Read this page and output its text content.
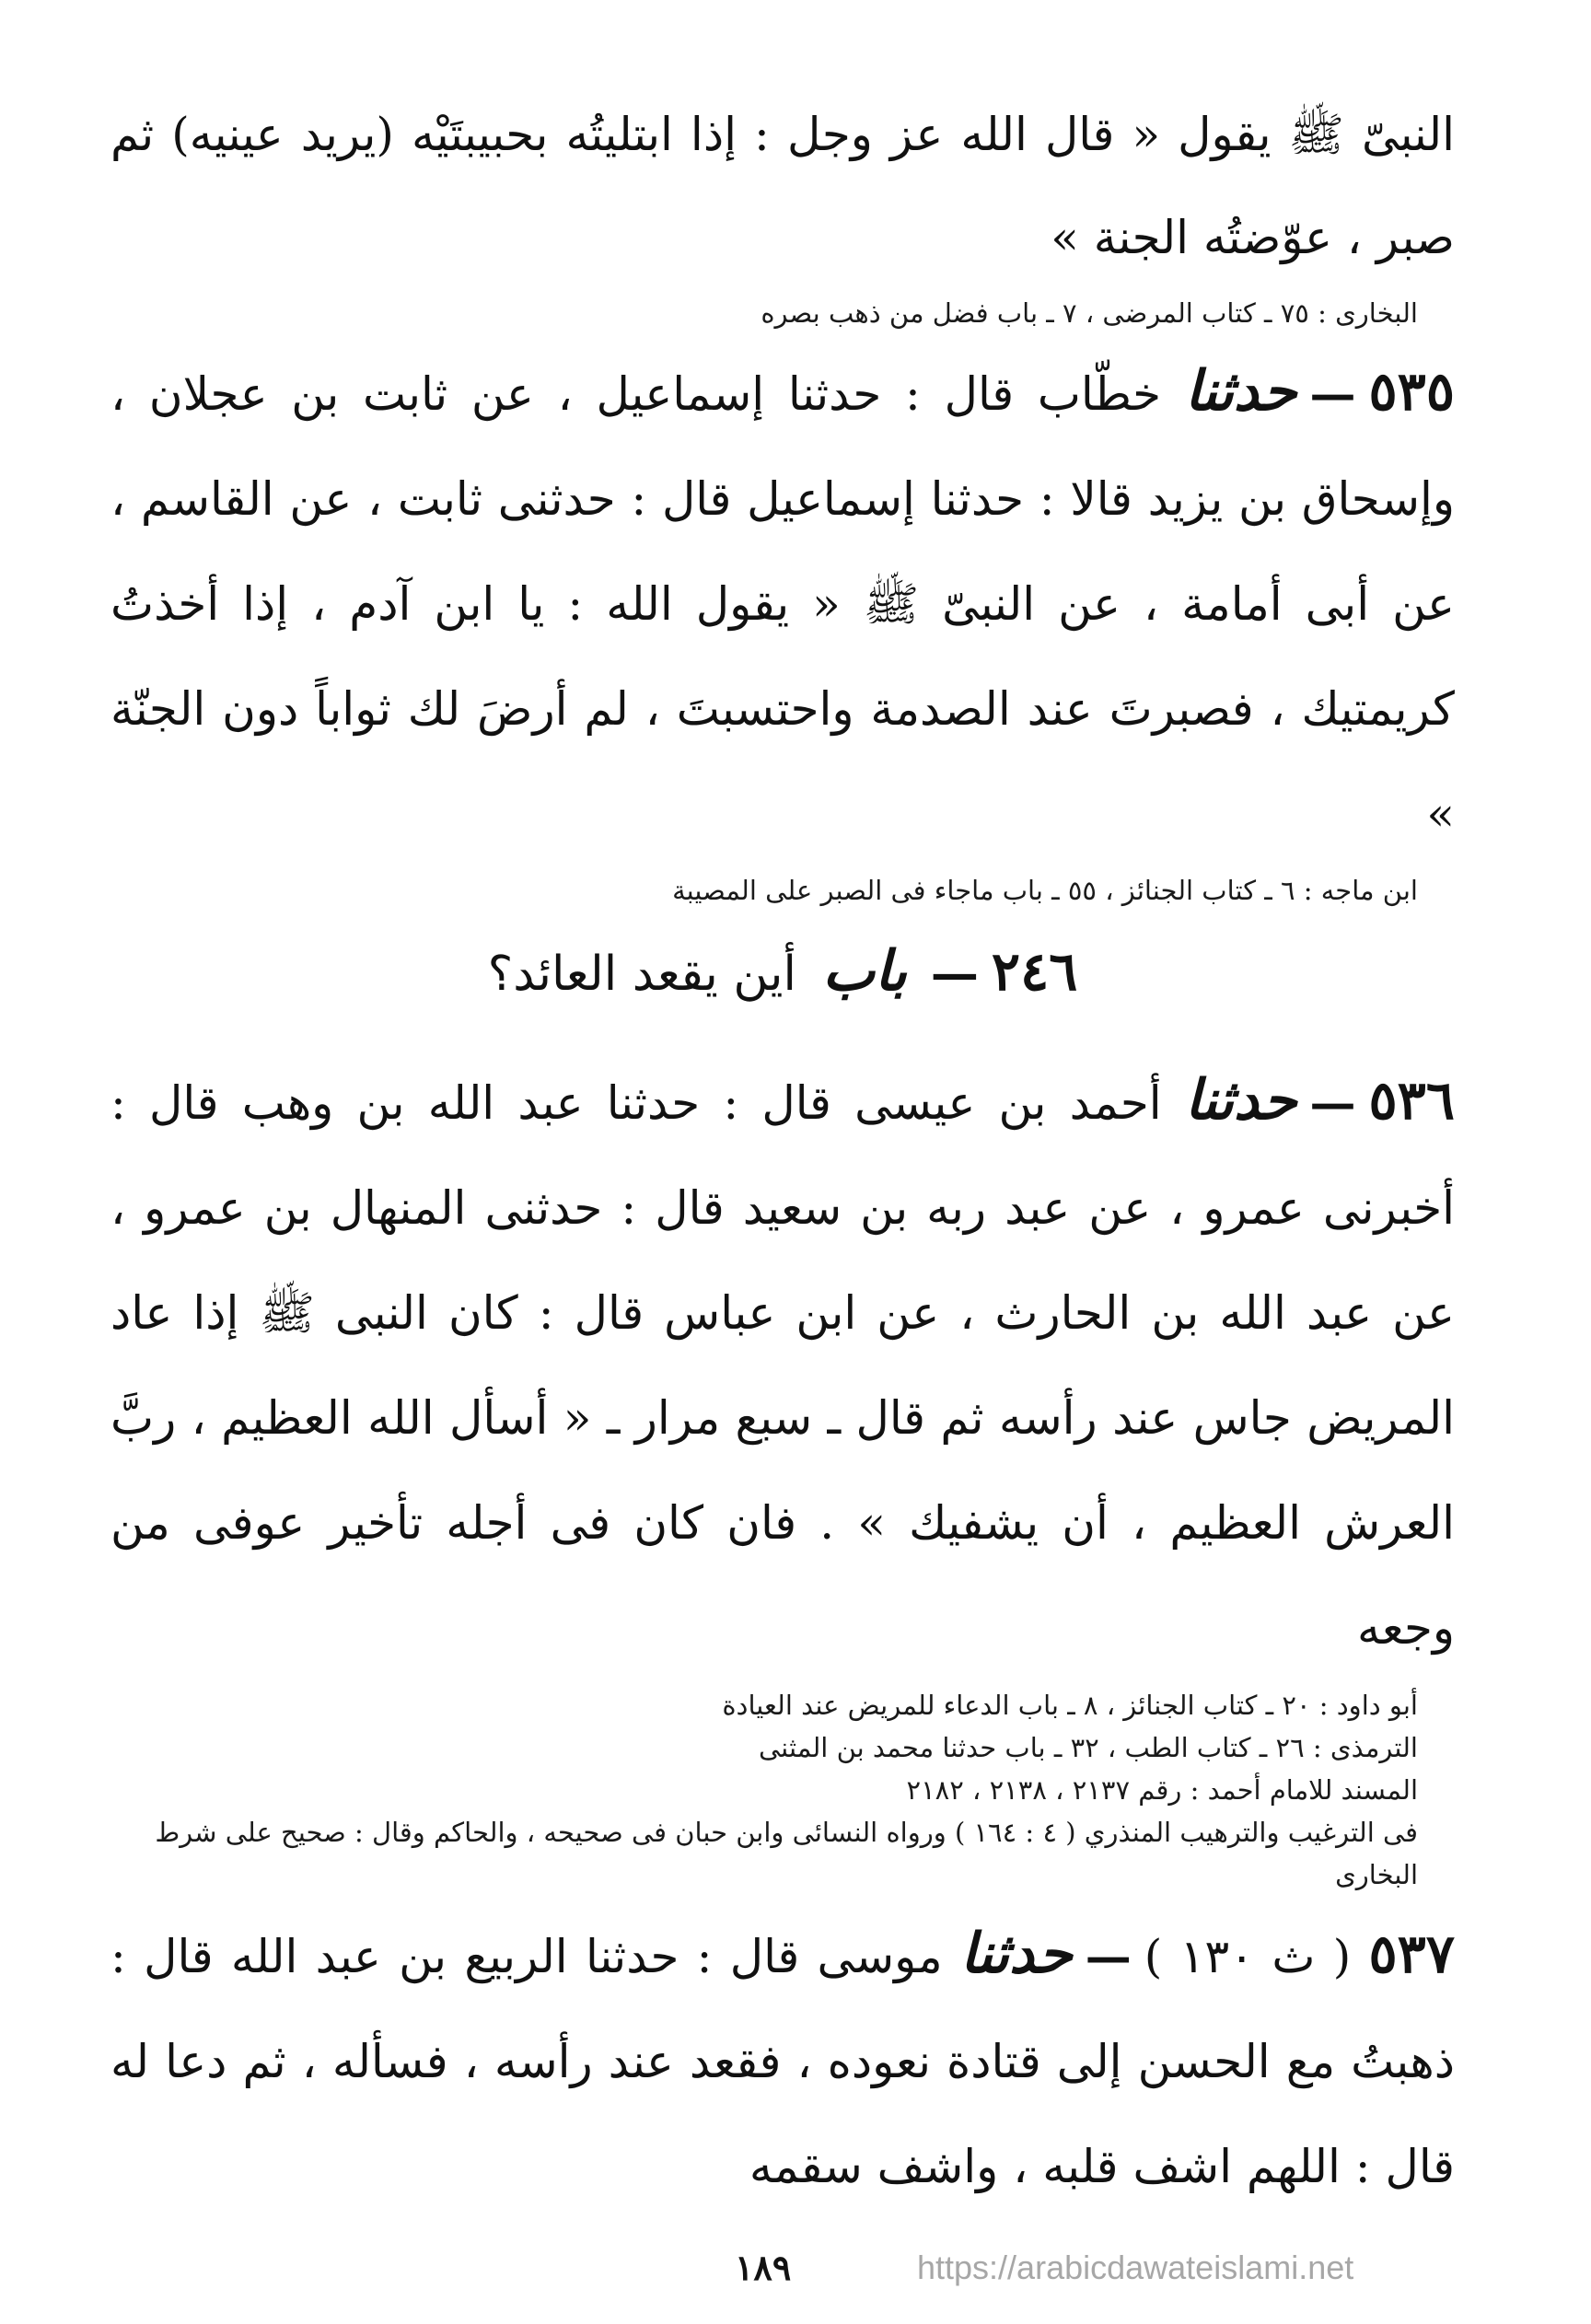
النبىّ ﷺ يقول « قال الله عز وجل : إذا ابتليتُه بحبيبتَيْه (يريد عينيه) ثم صبر ، عوّضتُه الجنة »

البخارى : ٧٥ ـ كتاب المرضى ، ٧ ـ باب فضل من ذهب بصره

٥٣٥—حدثنا خطّاب قال : حدثنا إسماعيل ، عن ثابت بن عجلان ، وإسحاق بن يزيد قالا : حدثنا إسماعيل قال : حدثنى ثابت ، عن القاسم ، عن أبى أمامة ، عن النبىّ ﷺ « يقول الله : يا ابن آدم ، إذا أخذتُ كريمتيك ، فصبرتَ عند الصدمة واحتسبتَ ، لم أرضَ لك ثواباً دون الجنّة »

ابن ماجه : ٦ ـ كتاب الجنائز ، ٥٥ ـ باب ماجاء فى الصبر على المصيبة
٢٤٦—باب أين يقعد العائد؟

٥٣٦—حدثنا أحمد بن عيسى قال : حدثنا عبد الله بن وهب قال : أخبرنى عمرو ، عن عبد ربه بن سعيد قال : حدثنى المنهال بن عمرو ، عن عبد الله بن الحارث ، عن ابن عباس قال : كان النبى ﷺ إذا عاد المريض جاس عند رأسه ثم قال ـ سبع مرار ـ « أسأل الله العظيم ، ربَّ العرش العظيم ، أن يشفيك » . فان كان فى أجله تأخير عوفى من وجعه

أبو داود : ٢٠ ـ كتاب الجنائز ، ٨ ـ باب الدعاء للمريض عند العيادة
الترمذى : ٢٦ ـ كتاب الطب ، ٣٢ ـ باب حدثنا محمد بن المثنى
المسند للامام أحمد : رقم ٢١٣٧ ، ٢١٣٨ ، ٢١٨٢
فى الترغيب والترهيب المنذري ( ٤ : ١٦٤ ) ورواه النسائى وابن حبان فى صحيحه ، والحاكم وقال : صحيح على شرط البخارى

٥٣٧ ( ث ١٣٠ )—حدثنا موسى قال : حدثنا الربيع بن عبد الله قال : ذهبتُ مع الحسن إلى قتادة نعوده ، فقعد عند رأسه ، فسأله ، ثم دعا له قال : اللهم اشف قلبه ، واشف سقمه

١٨٩	https://arabicdawateislami.net
